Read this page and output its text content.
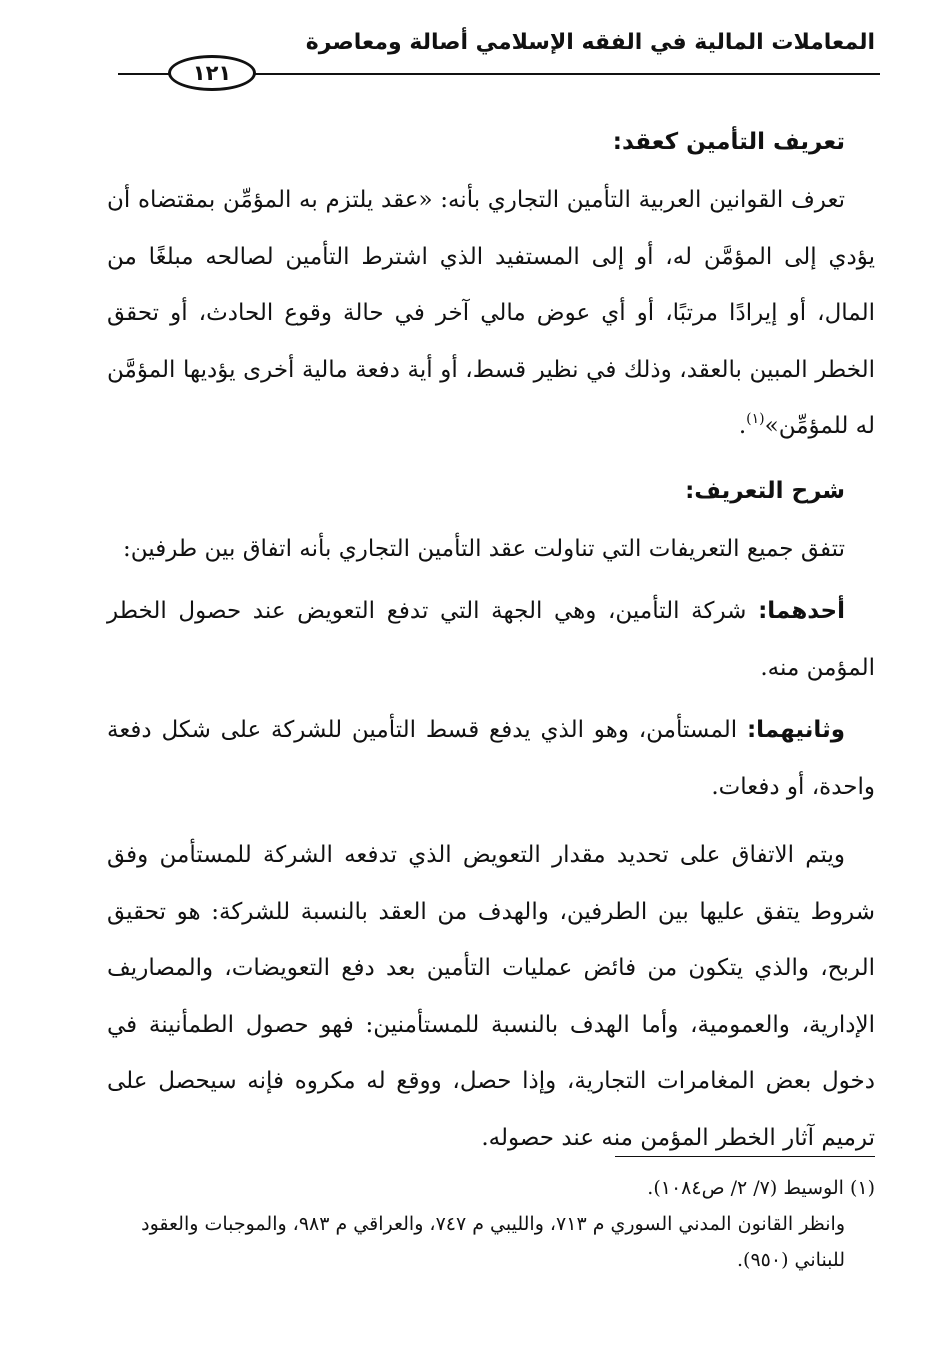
المعاملات المالية في الفقه الإسلامي أصالة ومعاصرة
١٢١
تعريف التأمين كعقد:

تعرف القوانين العربية التأمين التجاري بأنه: «عقد يلتزم به المؤمِّن بمقتضاه أن يؤدي إلى المؤمَّن له، أو إلى المستفيد الذي اشترط التأمين لصالحه مبلغًا من المال، أو إيرادًا مرتبًا، أو أي عوض مالي آخر في حالة وقوع الحادث، أو تحقق الخطر المبين بالعقد، وذلك في نظير قسط، أو أية دفعة مالية أخرى يؤديها المؤمَّن له للمؤمِّن»$^{(١)}$.

شرح التعريف:

تتفق جميع التعريفات التي تناولت عقد التأمين التجاري بأنه اتفاق بين طرفين:

أحدهما: شركة التأمين، وهي الجهة التي تدفع التعويض عند حصول الخطر المؤمن منه.

وثانيهما: المستأمن، وهو الذي يدفع قسط التأمين للشركة على شكل دفعة واحدة، أو دفعات.

ويتم الاتفاق على تحديد مقدار التعويض الذي تدفعه الشركة للمستأمن وفق شروط يتفق عليها بين الطرفين، والهدف من العقد بالنسبة للشركة: هو تحقيق الربح، والذي يتكون من فائض عمليات التأمين بعد دفع التعويضات، والمصاريف الإدارية، والعمومية، وأما الهدف بالنسبة للمستأمنين: فهو حصول الطمأنينة في دخول بعض المغامرات التجارية، وإذا حصل، ووقع له مكروه فإنه سيحصل على ترميم آثار الخطر المؤمن منه عند حصوله.

(١) الوسيط (٧/ ٢/ ص١٠٨٤).
وانظر القانون المدني السوري م ٧١٣، والليبي م ٧٤٧، والعراقي م ٩٨٣، والموجبات والعقود للبناني (٩٥٠).
